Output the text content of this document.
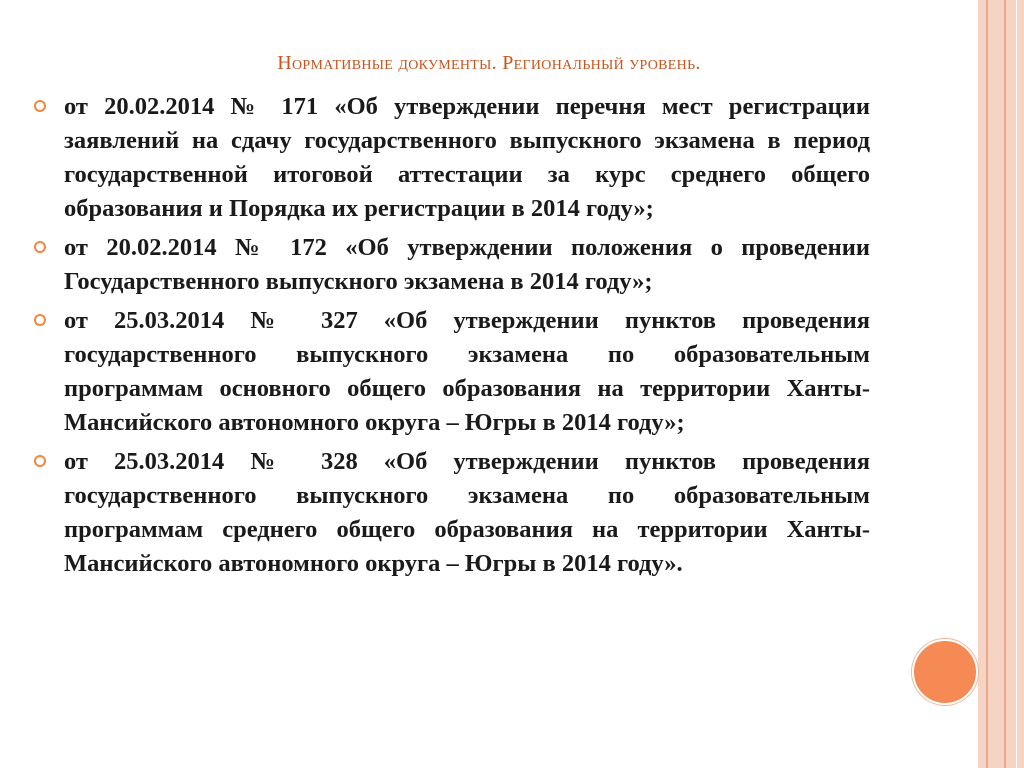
Нормативные документы. Региональный уровень.
от 20.02.2014 № 171 «Об утверждении перечня мест регистрации заявлений на сдачу государственного выпускного экзамена в период государственной итоговой аттестации за курс среднего общего образования и Порядка их регистрации в 2014 году»;
от 20.02.2014 № 172 «Об утверждении положения о проведении Государственного выпускного экзамена в 2014 году»;
от 25.03.2014 № 327 «Об утверждении пунктов проведения государственного выпускного экзамена по образовательным программам основного общего образования на территории Ханты- Мансийского автономного округа – Югры в 2014 году»;
от 25.03.2014 № 328 «Об утверждении пунктов проведения государственного выпускного экзамена по образовательным программам среднего общего образования на территории Ханты- Мансийского автономного округа – Югры в 2014 году».
